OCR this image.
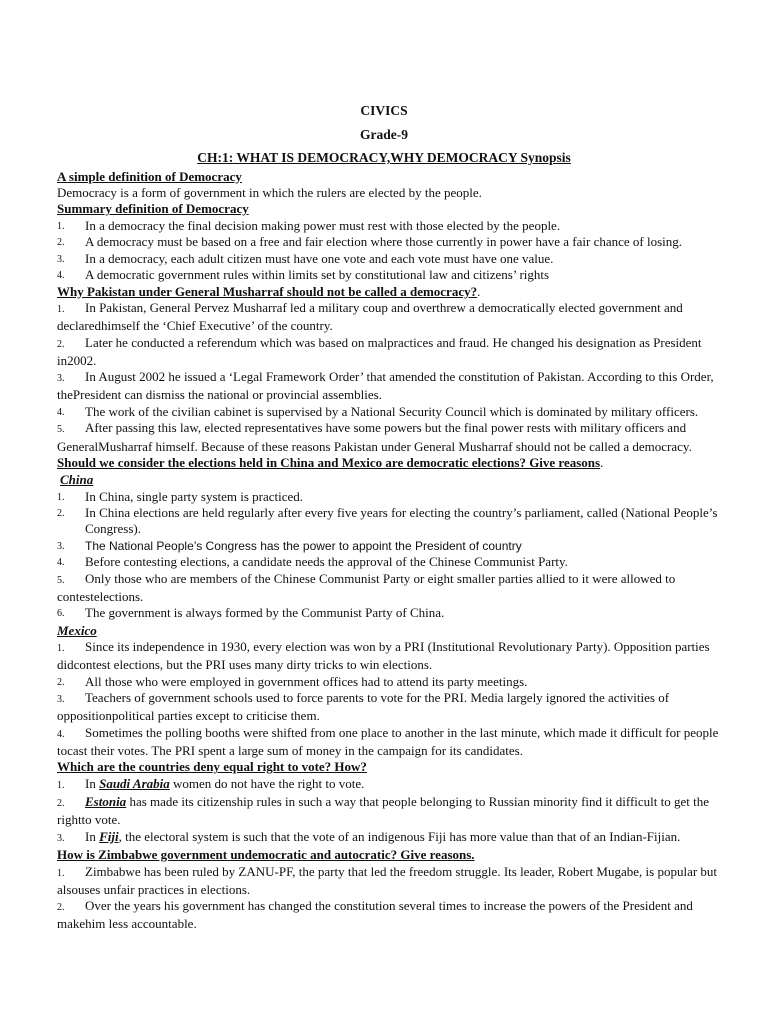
CIVICS
Grade-9
CH:1: WHAT IS DEMOCRACY,WHY DEMOCRACY Synopsis

A simple definition of Democracy

Democracy is a form of government in which the rulers are elected by the people.

Summary definition of Democracy

1. In a democracy the final decision making power must rest with those elected by the people.
2. A democracy must be based on a free and fair election where those currently in power have a fair chance of losing.
3. In a democracy, each adult citizen must have one vote and each vote must have one value.
4. A democratic government rules within limits set by constitutional law and citizens’ rights

Why Pakistan under General Musharraf should not be called a democracy?.

1. In Pakistan, General Pervez Musharraf led a military coup and overthrew a democratically elected government and declaredhimself the ‘Chief Executive’ of the country.
2. Later he conducted a referendum which was based on malpractices and fraud. He changed his designation as President in2002.
3. In August 2002 he issued a ‘Legal Framework Order’ that amended the constitution of Pakistan. According to this Order, thePresident can dismiss the national or provincial assemblies.
4. The work of the civilian cabinet is supervised by a National Security Council which is dominated by military officers.
5. After passing this law, elected representatives have some powers but the final power rests with military officers and GeneralMusharraf himself. Because of these reasons Pakistan under General Musharraf should not be called a democracy.

Should we consider the elections held in China and Mexico are democratic elections? Give reasons.

China

1. In China, single party system is practiced.
2. In China elections are held regularly after every five years for electing the country’s parliament, called (National People’s Congress).
3. The National People’s Congress has the power to appoint the President of country
4. Before contesting elections, a candidate needs the approval of the Chinese Communist Party.
5. Only those who are members of the Chinese Communist Party or eight smaller parties allied to it were allowed to contestelections.
6. The government is always formed by the Communist Party of China.

Mexico

1. Since its independence in 1930, every election was won by a PRI (Institutional Revolutionary Party). Opposition parties didcontest elections, but the PRI uses many dirty tricks to win elections.
2. All those who were employed in government offices had to attend its party meetings.
3. Teachers of government schools used to force parents to vote for the PRI. Media largely ignored the activities of oppositionpolitical parties except to criticise them.
4. Sometimes the polling booths were shifted from one place to another in the last minute, which made it difficult for people tocast their votes. The PRI spent a large sum of money in the campaign for its candidates.

Which are the countries deny equal right to vote? How?

1. In Saudi Arabia women do not have the right to vote.
2. Estonia has made its citizenship rules in such a way that people belonging to Russian minority find it difficult to get the rightto vote.
3. In Fiji, the electoral system is such that the vote of an indigenous Fiji has more value than that of an Indian-Fijian.

How is Zimbabwe government undemocratic and autocratic? Give reasons.

1. Zimbabwe has been ruled by ZANU-PF, the party that led the freedom struggle. Its leader, Robert Mugabe, is popular but alsouses unfair practices in elections.
2. Over the years his government has changed the constitution several times to increase the powers of the President and makehim less accountable.
